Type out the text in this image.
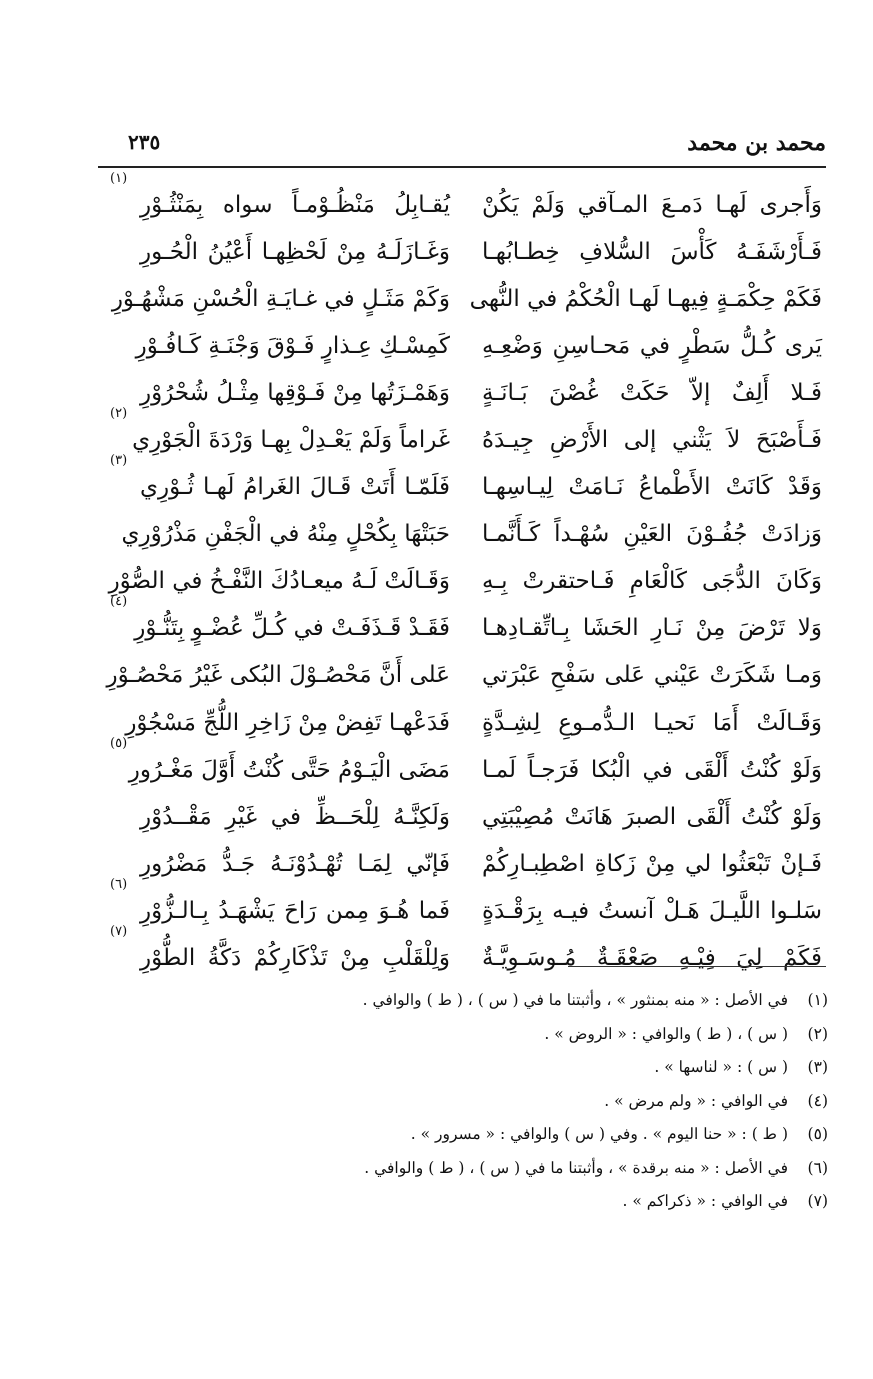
محمد بن محمد
٢٣٥
وَأَجرى لَهـا دَمـعَ المـآقي وَلَمْ يَكُنْ
فَـأَرْشَفَـهُ كَأْسَ السُّلافِ خِطـابُهـا
فَكَمْ حِكْمَـةٍ فِيهـا لَهـا الْحُكْمُ في النُّهى
يَرى كُـلُّ سَطْرٍ في مَحـاسِنِ وَضْعِـهِ
فَـلا أَلِفٌ إلاّ حَكَتْ غُصْنَ بَـانَـةٍ
فَـأَصْبَحَ لاَ يَثْني إلى الأَرْضِ جِيـدَهُ
وَقَدْ كَانَتْ الأَطْماعُ نَـامَتْ لِيـاسِهـا
وَزادَتْ جُفُـوْنَ العَيْنِ سُهْـداً كَـأَنَّمـا
وَكَانَ الدُّجَى كَالْعَامِ فَـاحتقرتْ بِـهِ
وَلا تَرْضَ مِنْ نَـارِ الحَشَا بِـاتِّقـادِهـا
وَمـا شَكَرَتْ عَيْني عَلى سَفْحِ عَبْرَتي
وَقَـالَتْ أَمَا نَحيـا الـدُّمـوعِ لِشِـدَّةٍ
وَلَوْ كُنْتُ أَلْقَى في الْبُكا فَرَجـاً لَمـا
وَلَوْ كُنْتُ أَلْقَى الصبرَ هَانَتْ مُصِيْبَتِي
فَـإنْ تَبْعَثُوا لي مِنْ زَكاةِ اصْطِبـارِكُمْ
سَلـوا اللَّيـلَ هَـلْ آنستُ فيـه بِرَقْـدَةٍ
فَكَمْ لِيَ فِيْـهِ صَعْقَـةٌ مُـوسَـوِيَّـةٌ
يُقـابِلُ مَنْظُـوْمـاً سواه بِمَنْثُـوْرِ
(١)
وَغَـازَلَـهُ مِنْ لَحْظِهـا أَعْيُنُ الْحُـورِ
وَكَمْ مَثَـلٍ في غـايَـةِ الْحُسْنِ مَشْهُـوْرِ
كَمِسْـكِ عِـذارٍ فَـوْقَ وَجْنَـةِ كَـافُـوْرِ
وَهَمْـزَتُها مِنْ فَـوْقِها مِثْـلُ شُحْرُوْرِ
غَراماً وَلَمْ يَعْـدِلْ بِهـا وَرْدَةَ الْجَوْرِي
(٢)
فَلَمّـا أَتَتْ قَـالَ الغَرامُ لَهـا ثُـوْرِي
(٣)
حَبَتْهَا بِكُحْلٍ مِنْهُ في الْجَفْنِ مَذْرُوْرِي
وَقَـالَتْ لَـهُ ميعـادُكَ النَّفْـخُ في الصُّوْرِ
فَقَـدْ قَـذَفَـتْ في كُـلِّ عُضْـوٍ بِتَنُّـوْرِ
(٤)
عَلى أَنَّ مَحْصُـوْلَ البُكى غَيْرُ مَحْصُـوْرِ
فَدَعْهـا تَفِضْ مِنْ زَاخِرِ اللُّجِّ مَسْجُوْرِ
مَضَى الْيَـوْمُ حَتَّى كُنْتُ أَوَّلَ مَغْـرُورِ
(٥)
وَلَكِنَّـهُ لِلْحَــظِّ في غَيْرِ مَقْــدُوْرِ
فَإنّي لِمَـا تُهْـدُوْنَـهُ جَـدُّ مَضْرُورِ
فَما هُـوَ مِمن رَاحَ يَشْهَـدُ بِـالـزُّوْرِ
(٦)
وَلِلْقَلْبِ مِنْ تَذْكَارِكُمْ دَكَّةُ الطُّوْرِ
(٧)
(١)في الأصل : « منه بمنثور » ، وأثبتنا ما في ( س ) ، ( ط ) والوافي .
(٢)( س ) ، ( ط ) والوافي : « الروض » .
(٣)( س ) : « لناسها » .
(٤)في الوافي : « ولم مرض » .
(٥)( ط ) : « حنا اليوم » . وفي ( س ) والوافي : « مسرور » .
(٦)في الأصل : « منه برقدة » ، وأثبتنا ما في ( س ) ، ( ط ) والوافي .
(٧)في الوافي : « ذكراكم » .
